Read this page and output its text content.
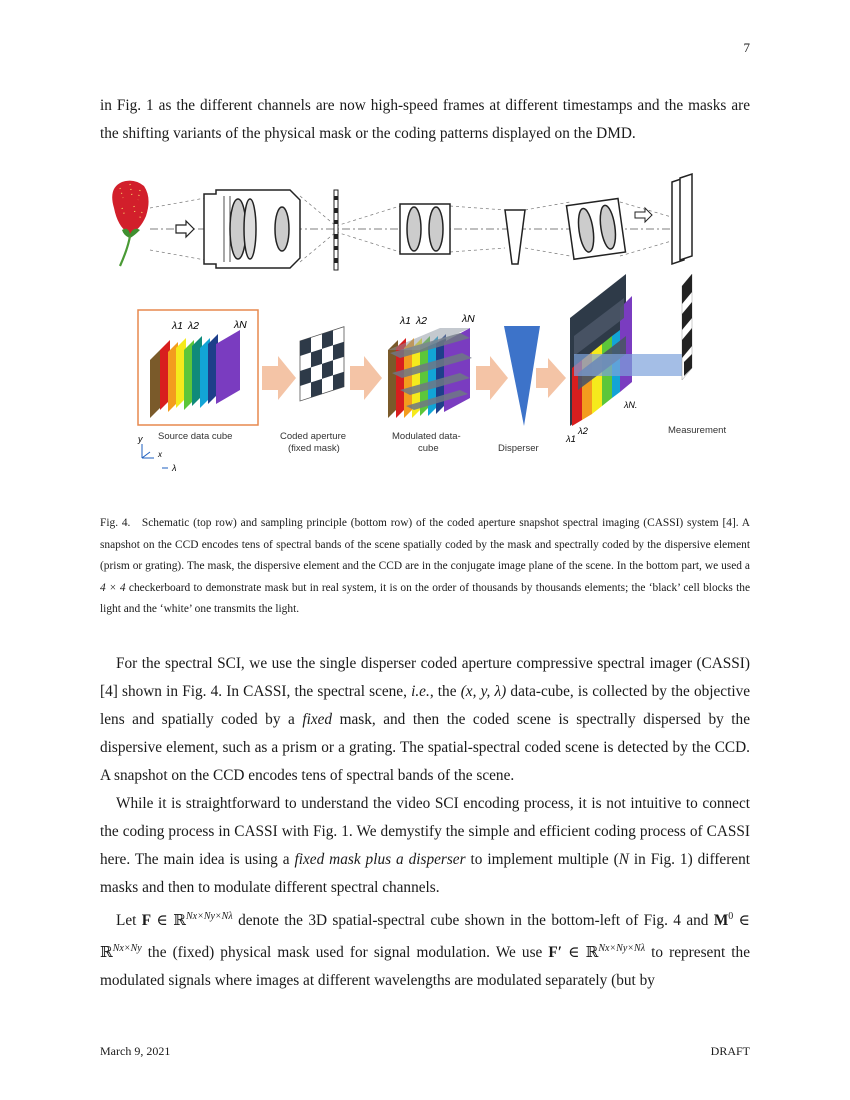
7

in Fig. 1 as the different channels are now high-speed frames at different timestamps and the masks are the shifting variants of the physical mask or the coding patterns displayed on the DMD.

λ1 λ2	λN
Source data cube
y
x
λ
Coded aperture
(fixed mask)
λ1 λ2	λN
Modulated data-
cube	Disperser
λN.
λ2
λ1
Measurement
Fig. 4. Schematic (top row) and sampling principle (bottom row) of the coded aperture snapshot spectral imaging (CASSI) system [4]. A snapshot on the CCD encodes tens of spectral bands of the scene spatially coded by the mask and spectrally coded by the dispersive element (prism or grating). The mask, the dispersive element and the CCD are in the conjugate image plane of the scene. In the bottom part, we used a 4 × 4 checkerboard to demonstrate mask but in real system, it is on the order of thousands by thousands elements; the ‘black’ cell blocks the light and the ‘white’ one transmits the light.

For the spectral SCI, we use the single disperser coded aperture compressive spectral imager (CASSI) [4] shown in Fig. 4. In CASSI, the spectral scene, i.e., the (x, y, λ) data-cube, is collected by the objective lens and spatially coded by a fixed mask, and then the coded scene is spectrally dispersed by the dispersive element, such as a prism or a grating. The spatial-spectral coded scene is detected by the CCD. A snapshot on the CCD encodes tens of spectral bands of the scene.

While it is straightforward to understand the video SCI encoding process, it is not intuitive to connect the coding process in CASSI with Fig. 1. We demystify the simple and efficient coding process of CASSI here. The main idea is using a fixed mask plus a disperser to implement multiple (N in Fig. 1) different masks and then to modulate different spectral channels.

Let F ∈ ℝ$^{Nx\times Ny\times N\lambda}$ denote the 3D spatial-spectral cube shown in the bottom-left of Fig. 4 and $M^0$ ∈ ℝ$^{Nx\times Ny}$ the (fixed) physical mask used for signal modulation. We use F′ ∈ ℝ$^{Nx\times Ny\times N\lambda}$ to represent the modulated signals where images at different wavelengths are modulated separately (but by

March 9, 2021	DRAFT
